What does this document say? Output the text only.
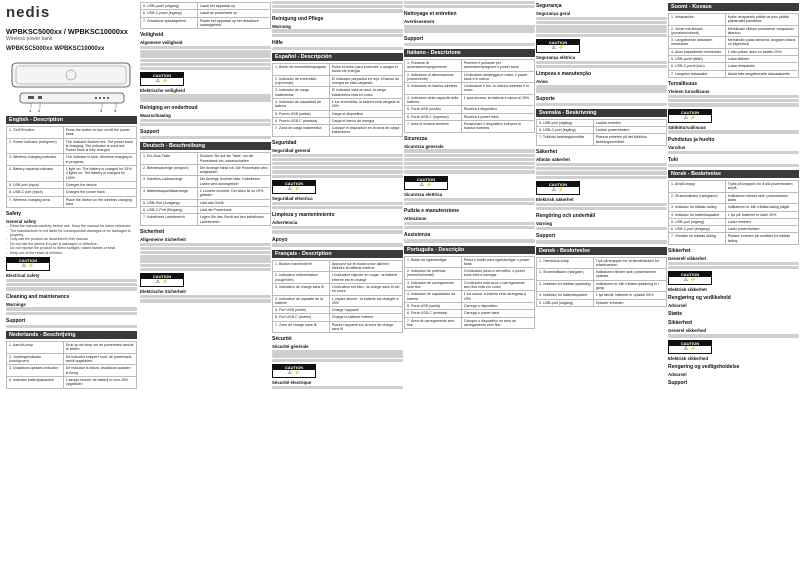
nedis
WPBKSC5000xx / WPBKSC10000xx
Wireless power bank
WPBKSC5000xx WPBKSC10000xx
1 2	3	4
English - Description
1. On/Off button	Press the button to turn on/off the power bank
2. Power indicator (red/green)	The indicator flashes red: The power bank is charging. The indicator is solid red: Power bank is fully charged
3. Wireless charging indicator	The indicator is blue: Wireless charging is in progress
4. Battery capacity indicator	1 light on: The battery is charged for 25%. 4 lights on: The battery is charged for 100%
5. USB port (input)	Charges the device
6. USB-C port (input)	Charges the power bank
7. Wireless charging area	Place the device on the wireless charging area
Safety
General safety
- Read the manual carefully before use. Keep the manual for future reference.
- The manufacturer is not liable for consequential damages or for damages to property.
- Only use the product as described in this manual.
- Do not use the device if a part is damaged or defective.
- Do not expose the product to direct sunlight, naked flames or heat.
- Keep out of the reach of children.
CAUTION
⚠ ⚡
Electrical safety
Cleaning and maintenance
Warnings
Support
Nederlands - Beschrijving
1. Aan/uit-knop	Druk op de knop om de powerbank aan/uit te zetten
2. Voedingsindicator (rood/groen)
De indicator knippert rood: de powerbank wordt opgeladen
3. Draadloos opladen-indicator	De indicator is blauw: draadloos opladen is bezig
4. Indicator batterijcapaciteit	1 lampje brandt: de batterij is voor 25% opgeladen
5. USB-poort (uitgang)	Laadt het apparaat op
6. USB-C-poort (ingang)	Laadt de powerbank op
7. Draadloos oplaadgebied	Plaats het apparaat op het draadloze oplaadgebied
Veiligheid
Algemene veiligheid
CAUTION
⚠ ⚡
Elektrische veiligheid
Reiniging en onderhoud
Waarschuwing
Support
Deutsch - Beschreibung
1. Ein-/Aus-Taste	Drücken Sie auf die Taste, um die Powerbank ein-/auszuschalten
2. Betriebsanzeige (rot/grün)	Die Anzeige blinkt rot: Die Powerbank wird aufgeladen
3. Kabellos-Ladeanzeige	Die Anzeige leuchtet blau: Kabelloses Laden wird durchgeführt
4. Batteriekapazitätsanzeige	1 Leuchte leuchtet: Der Akku ist zu 25% geladen
5. USB-Port (Ausgang)	Lädt das Gerät
6. USB-C-Port (Eingang)	Lädt die Powerbank
7. Kabelloser Ladebereich	Legen Sie das Gerät auf den kabellosen Ladebereich
Sicherheit
Allgemeine Sicherheit
CAUTION
⚠ ⚡
Elektrische Sicherheit
Reinigung und Pflege
Warnung
Hilfe
Español - Descripción
1. Botón de encendido/apagado	Pulse el botón para encender o apagar el banco de energía
2. Indicador de encendido (rojo/verde)
El indicador parpadea en rojo: el banco de energía se está cargando
3. Indicador de carga inalámbrica
El indicador está en azul: la carga inalámbrica está en curso
4. Indicador de capacidad de batería
1 luz encendida: la batería está cargada al 25%
5. Puerto USB (salida)	Carga el dispositivo
6. Puerto USB-C (entrada)	Carga el banco de energía
7. Zona de carga inalámbrica	Coloque el dispositivo en la zona de carga inalámbrica
Seguridad
Seguridad general
CAUTION
⚠ ⚡
Seguridad eléctrica
Limpieza y mantenimiento
Advertencia
Apoyo
Français - Description
1. Bouton marche/arrêt	Appuyez sur le bouton pour allumer/éteindre la batterie externe
2. Indicateur d'alimentation (rouge/vert)
L'indicateur clignote en rouge : la batterie externe est en charge
3. Indicateur de charge sans fil	L'indicateur est bleu : la charge sans fil est en cours
4. Indicateur de capacité de la batterie
1 voyant allumé : la batterie est chargée à 25%
5. Port USB (sortie)	Charge l'appareil
6. Port USB-C (entrée)	Charge la batterie externe
7. Zone de charge sans fil	Placez l'appareil sur la zone de charge sans fil
Sécurité
Sécurité générale
CAUTION
⚠ ⚡
Sécurité électrique
Nettoyage et entretien
Avertissement
Support
Italiano - Descrizione
1. Pulsante di accensione/spegnimento
Premere il pulsante per accendere/spegnere il power bank
2. Indicatore di alimentazione (rosso/verde)
L'indicatore lampeggia in rosso: il power bank è in carica
3. Indicatore di ricarica wireless	L'indicatore è blu: la ricarica wireless è in corso
4. Indicatore della capacità della batteria
1 spia accesa: la batteria è carica al 25%
5. Porta USB (uscita)	Ricarica il dispositivo
6. Porta USB-C (ingresso)	Ricarica il power bank
7. Area di ricarica wireless	Posizionare il dispositivo sull'area di ricarica wireless
Sicurezza
Sicurezza generale
CAUTION
⚠ ⚡
Sicurezza elettrica
Pulizia e manutenzione
Attenzione
Assistenza
Português - Descrição
1. Botão de ligar/desligar	Prima o botão para ligar/desligar o power bank
2. Indicador de potência (vermelho/verde)
O indicador pisca a vermelho: o power bank está a carregar
3. Indicador de carregamento sem fios
O indicador está azul: o carregamento sem fios está em curso
4. Indicador de capacidade da bateria
1 luz acesa: a bateria está carregada a 25%
5. Porta USB (saída)	Carrega o dispositivo
6. Porta USB-C (entrada)	Carrega o power bank
7. Área de carregamento sem fios
Coloque o dispositivo na área de carregamento sem fios
Segurança
Segurança geral
CAUTION
⚠ ⚡
Segurança elétrica
Limpeza e manutenção
Aviso
Suporte
Svenska - Beskrivning
5. USB-port (utgång)	Laddar enheten
6. USB-C-port (ingång)	Laddar powerbanken
7. Trådlöst laddningsområde	Placera enheten på det trådlösa laddningsområdet
Säkerhet
Allmän säkerhet
CAUTION
⚠ ⚡
Elektrisk säkerhet
Rengöring och underhåll
Varning
Support
Dansk - Beskrivelse
1. Tænd/sluk-knap	Tryk på knappen for at tænde/slukke for powerbanken
2. Strømindikator (rød/grøn)	Indikatoren blinker rødt: powerbanken oplades
3. Indikator for trådløs opladning	Indikatoren er blå: trådløs opladning er i gang
4. Indikator for batterikapacitet	1 lys tændt: batteriet er opladet 25%
5. USB-port (udgang)	Oplader enheden
Suomi - Kuvaus
1. Virtapainike	Kytke virtapankki päälle tai pois päältä painamalla painiketta
2. Virran merkkivalo (punainen/vihreä)
Merkkivalo vilkkuu punaisena: virtapankki latautuu
3. Langattoman latauksen merkkivalo
Merkkivalo palaa sinisenä: langaton lataus on käynnissä
4. Akun kapasiteetin merkkivalo	1 valo palaa: akku on ladattu 25%
5. USB-portti (lähtö)	Lataa laitteen
6. USB-C-portti (tulo)	Lataa virtapankin
7. Langaton latausalue	Aseta laite langattomalle latausalueelle
Turvallisuus
Yleinen turvallisuus
CAUTION
⚠ ⚡
Sähköturvallisuus
Puhdistus ja huolto
Varoitus
Tuki
Norsk - Beskrivelse
1. Av/på-knapp	Trykk på knappen for å slå powerbanken av/på
2. Strømindikator (rød/grønn)	Indikatoren blinker rødt: powerbanken lades
3. Indikator for trådløs lading	Indikatoren er blå: trådløs lading pågår
4. Indikator for batterikapasitet	1 lys på: batteriet er ladet 25%
5. USB-port (utgang)	Lader enheten
6. USB-C-port (inngang)	Lader powerbanken
7. Område for trådløs lading	Plasser enheten på området for trådløs lading
Sikkerhet
Generell sikkerhet
CAUTION
⚠ ⚡
Elektrisk sikkerhet
Rengjøring og vedlikehold
Advarsel
Støtte
Sikkerhed
Generel sikkerhed
CAUTION
⚠ ⚡
Elektrisk sikkerhed
Rengøring og vedligeholdelse
Advarsel
Support
